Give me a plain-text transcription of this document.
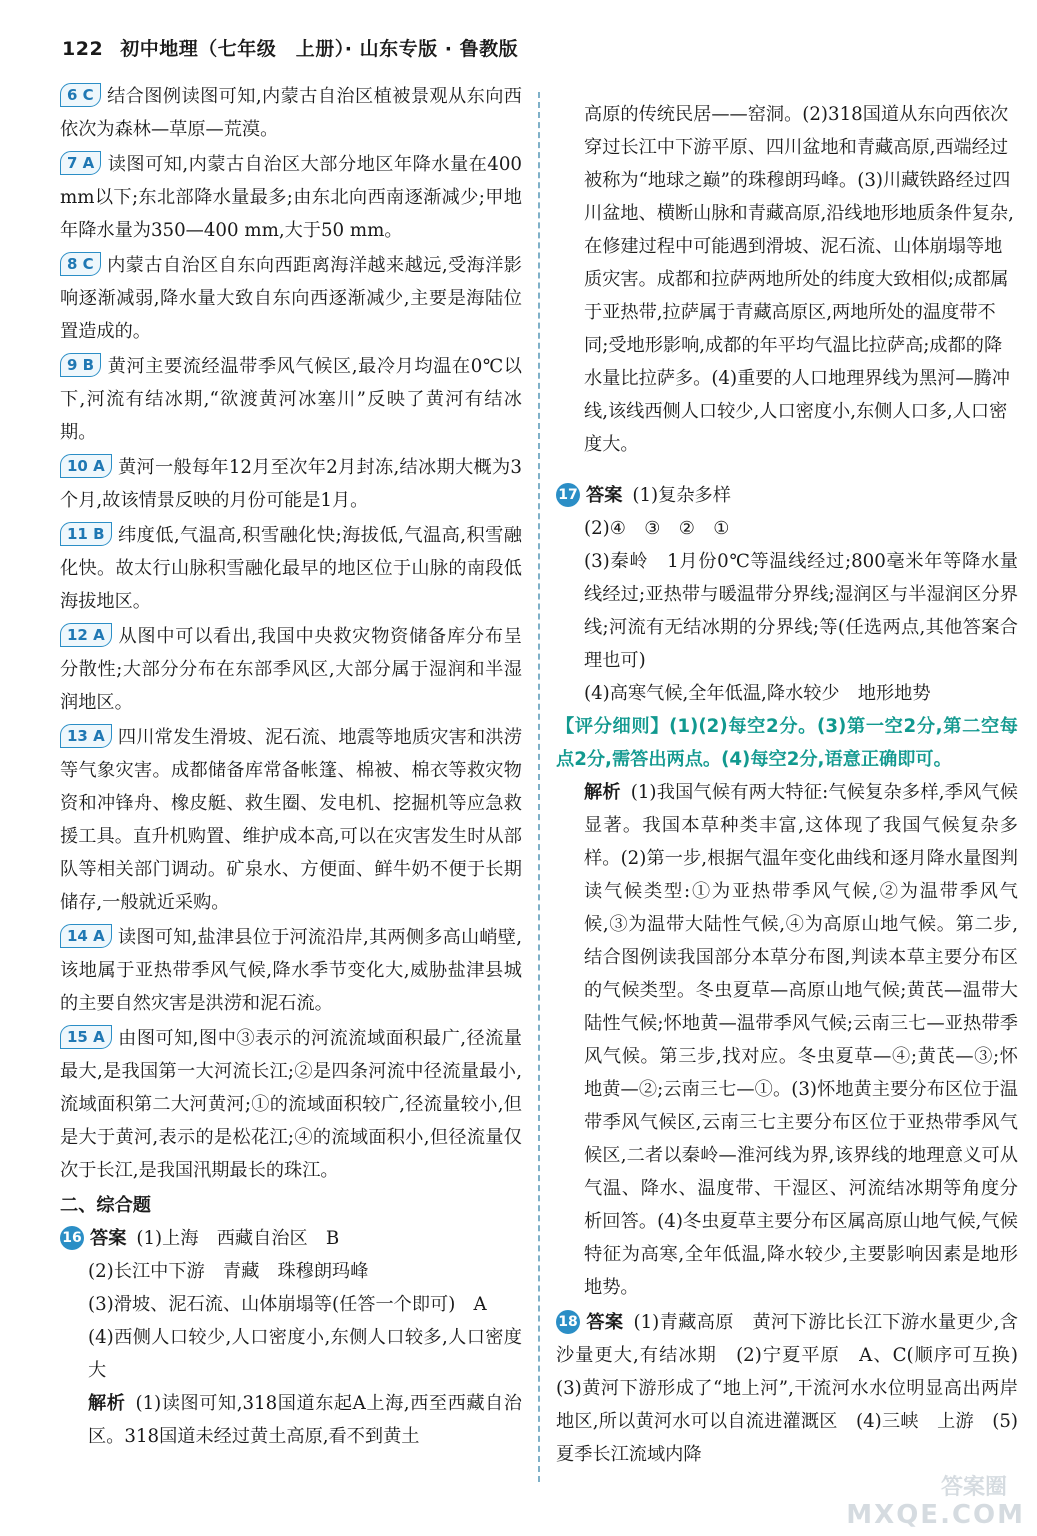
122 初中地理（七年级　上册）· 山东专版 · 鲁教版
6 C 结合图例读图可知,内蒙古自治区植被景观从东向西依次为森林—草原—荒漠。
7 A 读图可知,内蒙古自治区大部分地区年降水量在400 mm以下;东北部降水量最多;由东北向西南逐渐减少;甲地年降水量为350—400 mm,大于50 mm。
8 C 内蒙古自治区自东向西距离海洋越来越远,受海洋影响逐渐减弱,降水量大致自东向西逐渐减少,主要是海陆位置造成的。
9 B 黄河主要流经温带季风气候区,最冷月均温在0℃以下,河流有结冰期,“欲渡黄河冰塞川”反映了黄河有结冰期。
10 A 黄河一般每年12月至次年2月封冻,结冰期大概为3个月,故该情景反映的月份可能是1月。
11 B 纬度低,气温高,积雪融化快;海拔低,气温高,积雪融化快。故太行山脉积雪融化最早的地区位于山脉的南段低海拔地区。
12 A 从图中可以看出,我国中央救灾物资储备库分布呈分散性;大部分分布在东部季风区,大部分属于湿润和半湿润地区。
13 A 四川常发生滑坡、泥石流、地震等地质灾害和洪涝等气象灾害。成都储备库常备帐篷、棉被、棉衣等救灾物资和冲锋舟、橡皮艇、救生圈、发电机、挖掘机等应急救援工具。直升机购置、维护成本高,可以在灾害发生时从部队等相关部门调动。矿泉水、方便面、鲜牛奶不便于长期储存,一般就近采购。
14 A 读图可知,盐津县位于河流沿岸,其两侧多高山峭壁,该地属于亚热带季风气候,降水季节变化大,威胁盐津县城的主要自然灾害是洪涝和泥石流。
15 A 由图可知,图中③表示的河流流域面积最广,径流量最大,是我国第一大河流长江;②是四条河流中径流量最小,流域面积第二大河黄河;①的流域面积较广,径流量较小,但是大于黄河,表示的是松花江;④的流域面积小,但径流量仅次于长江,是我国汛期最长的珠江。

二、综合题

16 答案 (1)上海　西藏自治区　B

(2)长江中下游　青藏　珠穆朗玛峰

(3)滑坡、泥石流、山体崩塌等(任答一个即可)　A

(4)西侧人口较少,人口密度小,东侧人口较多,人口密度大

解析 (1)读图可知,318国道东起A上海,西至西藏自治区。318国道未经过黄土高原,看不到黄土

高原的传统民居——窑洞。(2)318国道从东向西依次穿过长江中下游平原、四川盆地和青藏高原,西端经过被称为“地球之巅”的珠穆朗玛峰。(3)川藏铁路经过四川盆地、横断山脉和青藏高原,沿线地形地质条件复杂,在修建过程中可能遇到滑坡、泥石流、山体崩塌等地质灾害。成都和拉萨两地所处的纬度大致相似;成都属于亚热带,拉萨属于青藏高原区,两地所处的温度带不同;受地形影响,成都的年平均气温比拉萨高;成都的降水量比拉萨多。(4)重要的人口地理界线为黑河—腾冲线,该线西侧人口较少,人口密度小,东侧人口多,人口密度大。

17 答案 (1)复杂多样

(2)④　③　②　①

(3)秦岭　1月份0℃等温线经过;800毫米年等降水量线经过;亚热带与暖温带分界线;湿润区与半湿润区分界线;河流有无结冰期的分界线;等(任选两点,其他答案合理也可)

(4)高寒气候,全年低温,降水较少　地形地势

【评分细则】(1)(2)每空2分。(3)第一空2分,第二空每点2分,需答出两点。(4)每空2分,语意正确即可。

解析 (1)我国气候有两大特征:气候复杂多样,季风气候显著。我国本草种类丰富,这体现了我国气候复杂多样。(2)第一步,根据气温年变化曲线和逐月降水量图判读气候类型:①为亚热带季风气候,②为温带季风气候,③为温带大陆性气候,④为高原山地气候。第二步,结合图例读我国部分本草分布图,判读本草主要分布区的气候类型。冬虫夏草—高原山地气候;黄芪—温带大陆性气候;怀地黄—温带季风气候;云南三七—亚热带季风气候。第三步,找对应。冬虫夏草—④;黄芪—③;怀地黄—②;云南三七—①。(3)怀地黄主要分布区位于温带季风气候区,云南三七主要分布区位于亚热带季风气候区,二者以秦岭—淮河线为界,该界线的地理意义可从气温、降水、温度带、干湿区、河流结冰期等角度分析回答。(4)冬虫夏草主要分布区属高原山地气候,气候特征为高寒,全年低温,降水较少,主要影响因素是地形地势。

18 答案 (1)青藏高原　黄河下游比长江下游水量更少,含沙量更大,有结冰期　(2)宁夏平原　A、C(顺序可互换)　(3)黄河下游形成了“地上河”,干流河水水位明显高出两岸地区,所以黄河水可以自流进灌溉区　(4)三峡　上游　(5)夏季长江流域内降

答案圈
MXQE.COM
